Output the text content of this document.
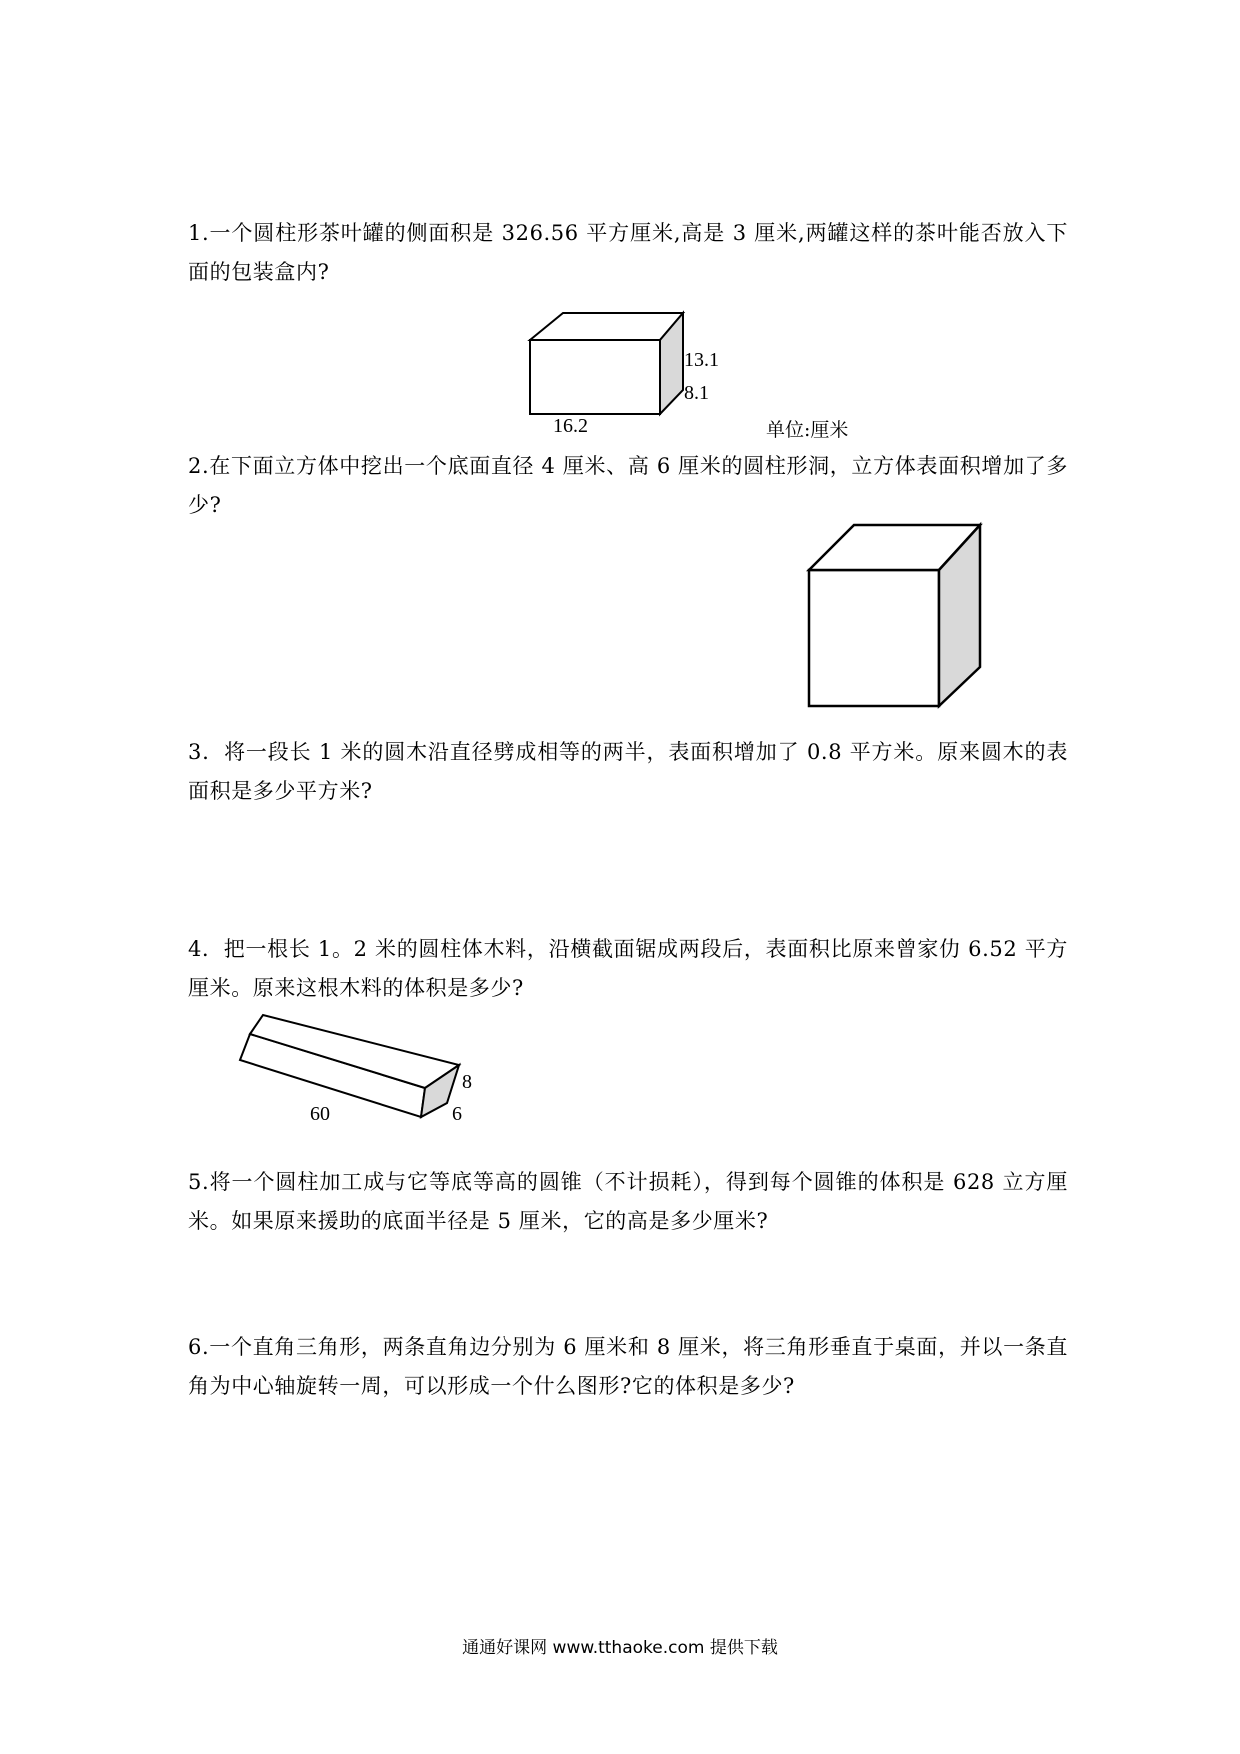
1.一个圆柱形茶叶罐的侧面积是 326.56 平方厘米,高是 3 厘米,两罐这样的茶叶能否放入下面的包装盒内?

13.1
8.1
16.2	单位:厘米

2.在下面立方体中挖出一个底面直径 4 厘米、高 6 厘米的圆柱形洞，立方体表面积增加了多少?

3．将一段长 1 米的圆木沿直径劈成相等的两半，表面积增加了 0.8 平方米。原来圆木的表面积是多少平方米?

4．把一根长 1。2 米的圆柱体木料，沿横截面锯成两段后，表面积比原来曾家仂 6.52 平方厘米。原来这根木料的体积是多少?

8
6
60

5.将一个圆柱加工成与它等底等高的圆锥（不计损耗），得到每个圆锥的体积是 628 立方厘米。如果原来援助的底面半径是 5 厘米，它的高是多少厘米?

6.一个直角三角形，两条直角边分别为 6 厘米和 8 厘米，将三角形垂直于桌面，并以一条直角为中心轴旋转一周，可以形成一个什么图形?它的体积是多少?

通通好课网 www.tthaoke.com 提供下载
